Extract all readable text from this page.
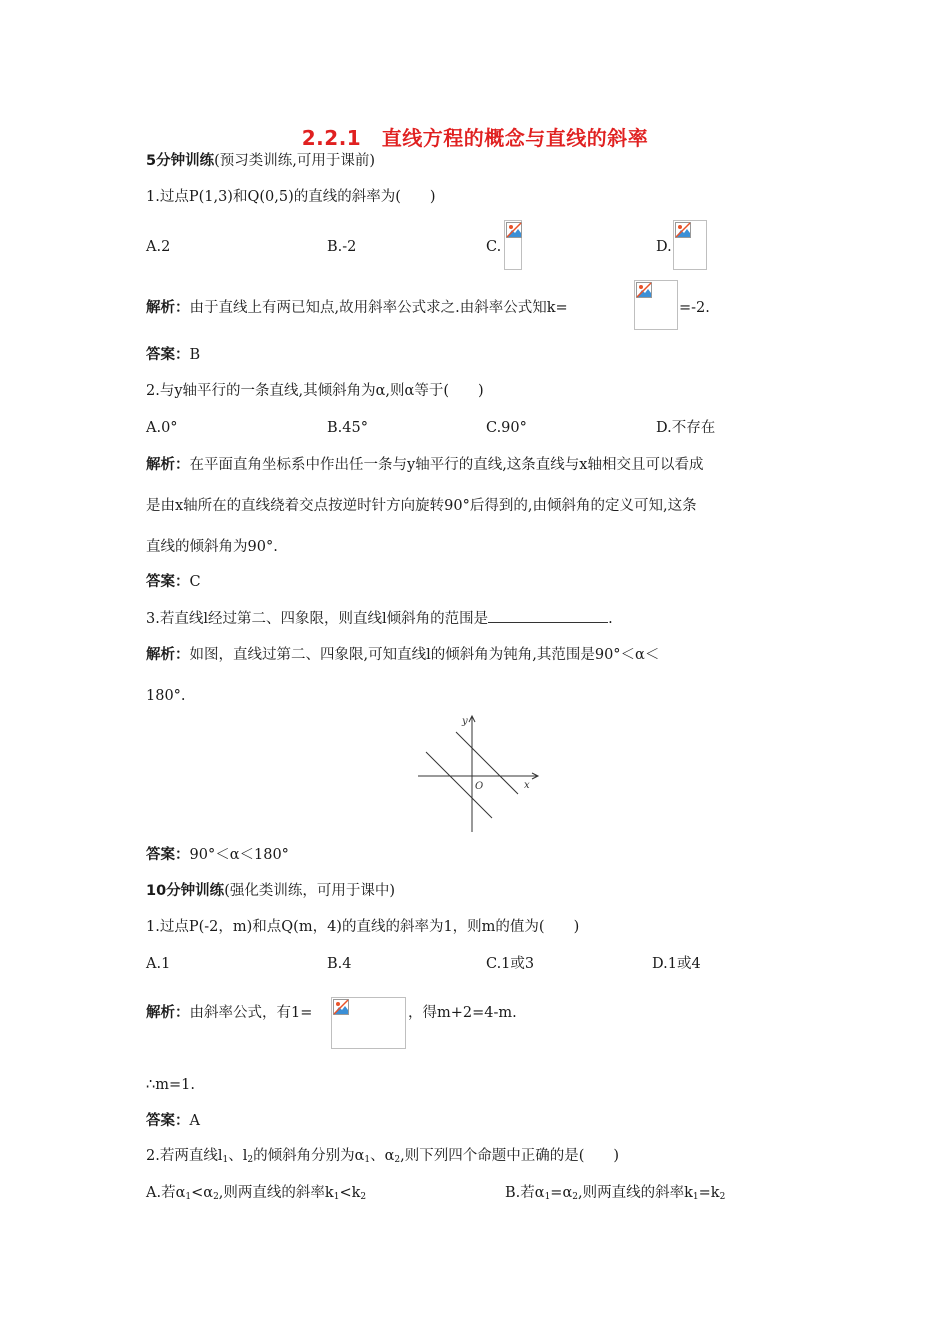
2.2.1　直线方程的概念与直线的斜率
5分钟训练(预习类训练,可用于课前)
1.过点P(1,3)和Q(0,5)的直线的斜率为(　　)
A.2	B.-2	C.	D.
解析：由于直线上有两已知点,故用斜率公式求之.由斜率公式知k=	=-2.
答案：B
2.与y轴平行的一条直线,其倾斜角为α,则α等于(　　)
A.0°	B.45°	C.90°	D.不存在
解析：在平面直角坐标系中作出任一条与y轴平行的直线,这条直线与x轴相交且可以看成
是由x轴所在的直线绕着交点按逆时针方向旋转90°后得到的,由倾斜角的定义可知,这条
直线的倾斜角为90°.
答案：C
3.若直线l经过第二、四象限，则直线l倾斜角的范围是	.
解析：如图，直线过第二、四象限,可知直线l的倾斜角为钝角,其范围是90°＜α＜
180°.
y
x
O
答案：90°＜α＜180°
10分钟训练(强化类训练，可用于课中)
1.过点P(-2，m)和点Q(m，4)的直线的斜率为1，则m的值为(　　)
A.1	B.4	C.1或3	D.1或4
解析：由斜率公式，有1=	，得m+2=4-m.
∴m=1.
答案：A
2.若两直线$l_1$、$l_2$的倾斜角分别为$\alpha_1$、$\alpha_2$,则下列四个命题中正确的是(　　)
A.若$\alpha_1<\alpha_2$,则两直线的斜率$k_1<k_2$	B.若$\alpha_1=\alpha_2$,则两直线的斜率$k_1=k_2$
